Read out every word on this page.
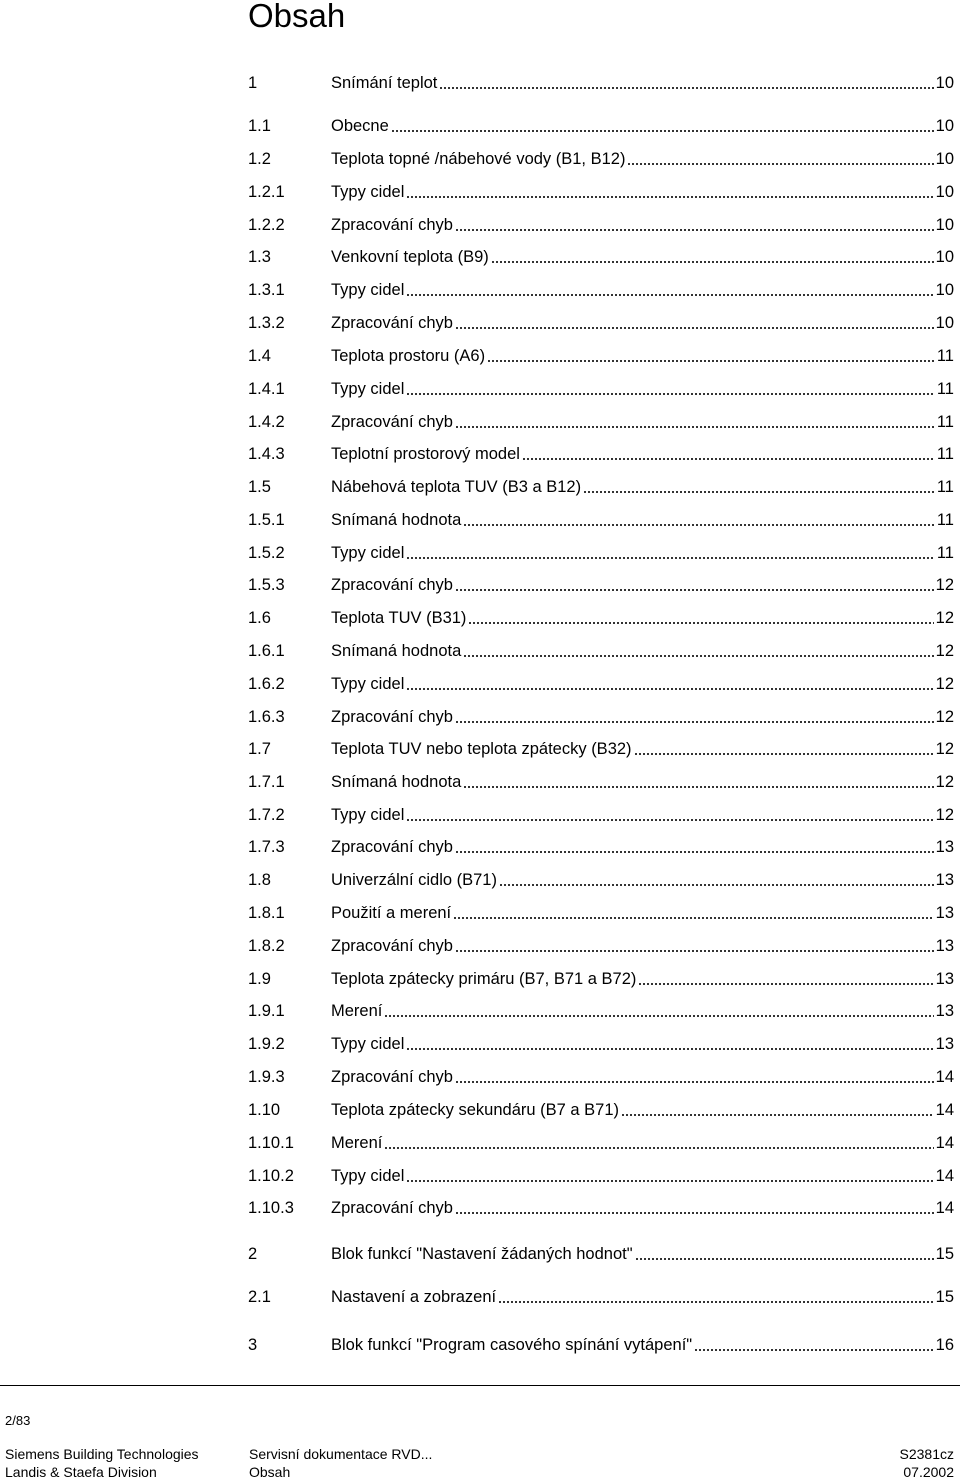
Obsah
1	Snímání teplot	10
1.1	Obecne	10
1.2	Teplota topné /nábehové vody (B1, B12)	10
1.2.1	Typy cidel	10
1.2.2	Zpracování chyb	10
1.3	Venkovní teplota (B9)	10
1.3.1	Typy cidel	10
1.3.2	Zpracování chyb	10
1.4	Teplota prostoru (A6)	11
1.4.1	Typy cidel	11
1.4.2	Zpracování chyb	11
1.4.3	Teplotní prostorový model	11
1.5	Nábehová teplota TUV (B3 a B12)	11
1.5.1	Snímaná hodnota	11
1.5.2	Typy cidel	11
1.5.3	Zpracování chyb	12
1.6	Teplota TUV (B31)	12
1.6.1	Snímaná hodnota	12
1.6.2	Typy cidel	12
1.6.3	Zpracování chyb	12
1.7	Teplota TUV nebo teplota zpátecky (B32)	12
1.7.1	Snímaná hodnota	12
1.7.2	Typy cidel	12
1.7.3	Zpracování chyb	13
1.8	Univerzální cidlo (B71)	13
1.8.1	Použití a merení	13
1.8.2	Zpracování chyb	13
1.9	Teplota zpátecky primáru (B7, B71 a B72)	13
1.9.1	Merení	13
1.9.2	Typy cidel	13
1.9.3	Zpracování chyb	14
1.10	Teplota zpátecky sekundáru (B7 a B71)	14
1.10.1	Merení	14
1.10.2	Typy cidel	14
1.10.3	Zpracování chyb	14
2	Blok funkcí "Nastavení žádaných hodnot"	15
2.1	Nastavení a zobrazení	15
3	Blok funkcí "Program casového spínání vytápení"	16
2/83
Siemens Building Technologies
Landis & Staefa Division
Servisní dokumentace RVD...
Obsah
S2381cz
07.2002
